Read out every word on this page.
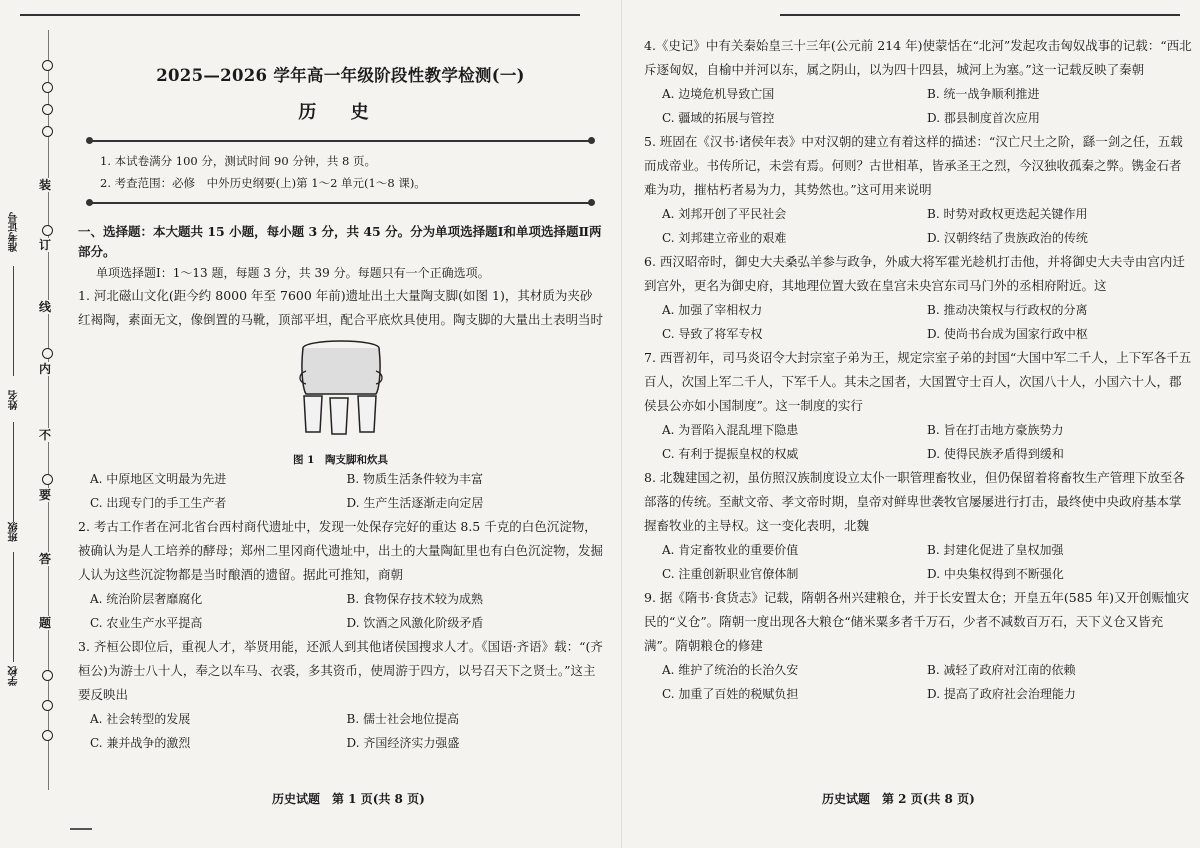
装
订
线
内
不
要
答
题
准考证号
姓名
班级
学校
2025—2026 学年高一年级阶段性教学检测(一)
历 史
1. 本试卷满分 100 分，测试时间 90 分钟，共 8 页。
2. 考查范围：必修　中外历史纲要(上)第 1～2 单元(1～8 课)。
一、选择题：本大题共 15 小题，每小题 3 分，共 45 分。分为单项选择题Ⅰ和单项选择题Ⅱ两部分。
单项选择题Ⅰ：1～13 题，每题 3 分，共 39 分。每题只有一个正确选项。
1. 河北磁山文化(距今约 8000 年至 7600 年前)遗址出土大量陶支脚(如图 1)，其材质为夹砂红褐陶，素面无文，像倒置的马靴，顶部平坦，配合平底炊具使用。陶支脚的大量出土表明当时
图 1　陶支脚和炊具
A. 中原地区文明最为先进	B. 物质生活条件较为丰富
C. 出现专门的手工生产者	D. 生产生活逐渐走向定居
2. 考古工作者在河北省台西村商代遗址中，发现一处保存完好的重达 8.5 千克的白色沉淀物，被确认为是人工培养的酵母；郑州二里冈商代遗址中，出土的大量陶缸里也有白色沉淀物，发掘人认为这些沉淀物都是当时酿酒的遗留。据此可推知，商朝
A. 统治阶层奢靡腐化	B. 食物保存技术较为成熟
C. 农业生产水平提高	D. 饮酒之风激化阶级矛盾
3. 齐桓公即位后，重视人才，举贤用能，还派人到其他诸侯国搜求人才。《国语·齐语》载：“(齐桓公)为游士八十人，奉之以车马、衣裘，多其资币，使周游于四方，以号召天下之贤士。”这主要反映出
A. 社会转型的发展	B. 儒士社会地位提高
C. 兼并战争的激烈	D. 齐国经济实力强盛
历史试题　第 1 页(共 8 页)
4.《史记》中有关秦始皇三十三年(公元前 214 年)使蒙恬在“北河”发起攻击匈奴战事的记载：“西北斥逐匈奴，自榆中并河以东，属之阴山，以为四十四县，城河上为塞。”这一记载反映了秦朝
A. 边境危机导致亡国	B. 统一战争顺利推进
C. 疆域的拓展与管控	D. 郡县制度首次应用
5. 班固在《汉书·诸侯年表》中对汉朝的建立有着这样的描述：“汉亡尺土之阶，繇一剑之任，五载而成帝业。书传所记，未尝有焉。何则？古世相革，皆承圣王之烈，今汉独收孤秦之弊。镌金石者难为功，摧枯朽者易为力，其势然也。”这可用来说明
A. 刘邦开创了平民社会	B. 时势对政权更迭起关键作用
C. 刘邦建立帝业的艰难	D. 汉朝终结了贵族政治的传统
6. 西汉昭帝时，御史大夫桑弘羊参与政争，外戚大将军霍光趁机打击他，并将御史大夫寺由宫内迁到宫外，更名为御史府，其地理位置大致在皇宫未央宫东司马门外的丞相府附近。这
A. 加强了宰相权力	B. 推动决策权与行政权的分离
C. 导致了将军专权	D. 使尚书台成为国家行政中枢
7. 西晋初年，司马炎诏令大封宗室子弟为王，规定宗室子弟的封国“大国中军二千人，上下军各千五百人，次国上军二千人，下军千人。其未之国者，大国置守士百人，次国八十人，小国六十人，郡侯县公亦如小国制度”。这一制度的实行
A. 为晋陷入混乱埋下隐患	B. 旨在打击地方豪族势力
C. 有利于提振皇权的权威	D. 使得民族矛盾得到缓和
8. 北魏建国之初，虽仿照汉族制度设立太仆一职管理畜牧业，但仍保留着将畜牧生产管理下放至各部落的传统。至献文帝、孝文帝时期，皇帝对鲜卑世袭牧官屡屡进行打击，最终使中央政府基本掌握畜牧业的主导权。这一变化表明，北魏
A. 肯定畜牧业的重要价值	B. 封建化促进了皇权加强
C. 注重创新职业官僚体制	D. 中央集权得到不断强化
9. 据《隋书·食货志》记载，隋朝各州兴建粮仓，并于长安置太仓；开皇五年(585 年)又开创赈恤灾民的“义仓”。隋朝一度出现各大粮仓“储米粟多者千万石，少者不减数百万石，天下义仓又皆充满”。隋朝粮仓的修建
A. 维护了统治的长治久安	B. 减轻了政府对江南的依赖
C. 加重了百姓的税赋负担	D. 提高了政府社会治理能力
历史试题　第 2 页(共 8 页)
